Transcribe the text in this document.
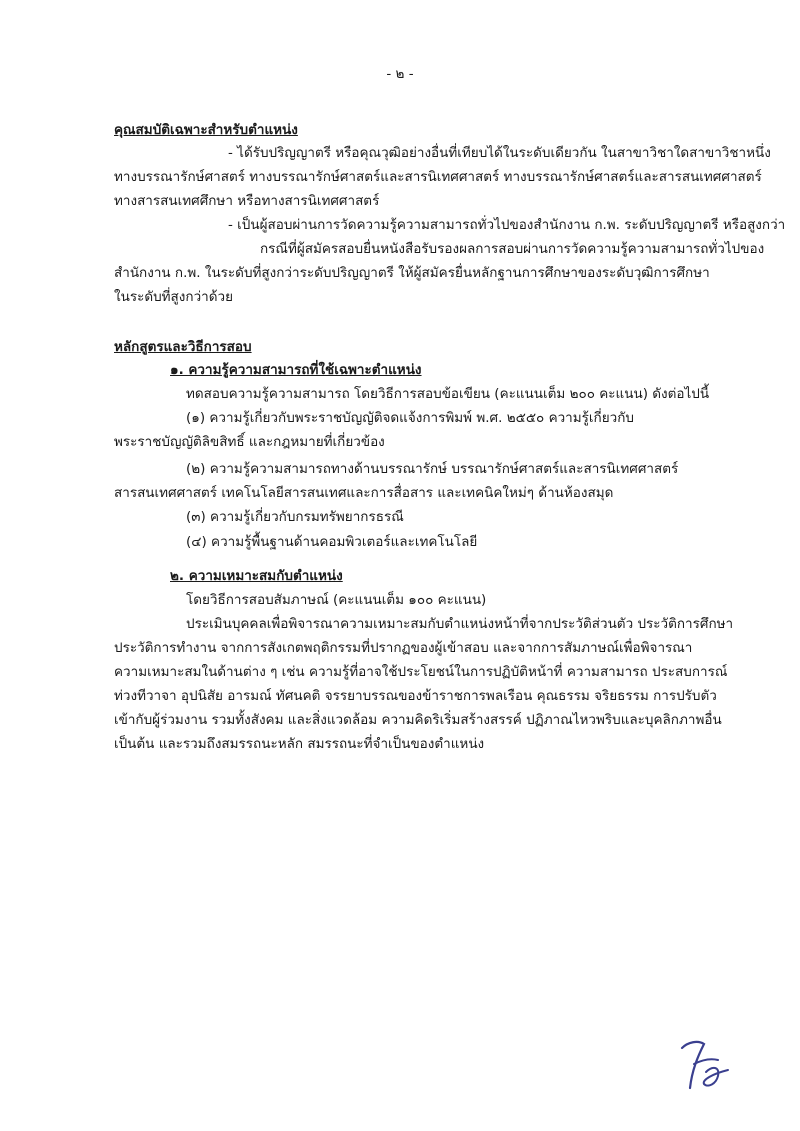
- ๒ -
คุณสมบัติเฉพาะสำหรับตำแหน่ง
- ได้รับปริญญาตรี หรือคุณวุฒิอย่างอื่นที่เทียบได้ในระดับเดียวกัน ในสาขาวิชาใดสาขาวิชาหนึ่ง
ทางบรรณารักษ์ศาสตร์ ทางบรรณารักษ์ศาสตร์และสารนิเทศศาสตร์ ทางบรรณารักษ์ศาสตร์และสารสนเทศศาสตร์
ทางสารสนเทศศึกษา หรือทางสารนิเทศศาสตร์
- เป็นผู้สอบผ่านการวัดความรู้ความสามารถทั่วไปของสำนักงาน ก.พ. ระดับปริญญาตรี หรือสูงกว่า
กรณีที่ผู้สมัครสอบยื่นหนังสือรับรองผลการสอบผ่านการวัดความรู้ความสามารถทั่วไปของ
สำนักงาน ก.พ. ในระดับที่สูงกว่าระดับปริญญาตรี ให้ผู้สมัครยื่นหลักฐานการศึกษาของระดับวุฒิการศึกษา
ในระดับที่สูงกว่าด้วย
หลักสูตรและวิธีการสอบ
๑. ความรู้ความสามารถที่ใช้เฉพาะตำแหน่ง
ทดสอบความรู้ความสามารถ โดยวิธีการสอบข้อเขียน (คะแนนเต็ม ๒๐๐ คะแนน) ดังต่อไปนี้
(๑) ความรู้เกี่ยวกับพระราชบัญญัติจดแจ้งการพิมพ์ พ.ศ. ๒๕๕๐ ความรู้เกี่ยวกับ
พระราชบัญญัติลิขสิทธิ์ และกฎหมายที่เกี่ยวข้อง
(๒) ความรู้ความสามารถทางด้านบรรณารักษ์ บรรณารักษ์ศาสตร์และสารนิเทศศาสตร์
สารสนเทศศาสตร์ เทคโนโลยีสารสนเทศและการสื่อสาร และเทคนิคใหม่ๆ ด้านห้องสมุด
(๓) ความรู้เกี่ยวกับกรมทรัพยากรธรณี
(๔) ความรู้พื้นฐานด้านคอมพิวเตอร์และเทคโนโลยี
๒. ความเหมาะสมกับตำแหน่ง
โดยวิธีการสอบสัมภาษณ์ (คะแนนเต็ม ๑๐๐ คะแนน)
ประเมินบุคคลเพื่อพิจารณาความเหมาะสมกับตำแหน่งหน้าที่จากประวัติส่วนตัว ประวัติการศึกษา
ประวัติการทำงาน จากการสังเกตพฤติกรรมที่ปรากฏของผู้เข้าสอบ และจากการสัมภาษณ์เพื่อพิจารณา
ความเหมาะสมในด้านต่าง ๆ เช่น ความรู้ที่อาจใช้ประโยชน์ในการปฏิบัติหน้าที่ ความสามารถ ประสบการณ์
ท่วงทีวาจา อุปนิสัย อารมณ์ ทัศนคติ จรรยาบรรณของข้าราชการพลเรือน คุณธรรม จริยธรรม การปรับตัว
เข้ากับผู้ร่วมงาน รวมทั้งสังคม และสิ่งแวดล้อม ความคิดริเริ่มสร้างสรรค์ ปฏิภาณไหวพริบและบุคลิกภาพอื่น
เป็นต้น และรวมถึงสมรรถนะหลัก สมรรถนะที่จำเป็นของตำแหน่ง
